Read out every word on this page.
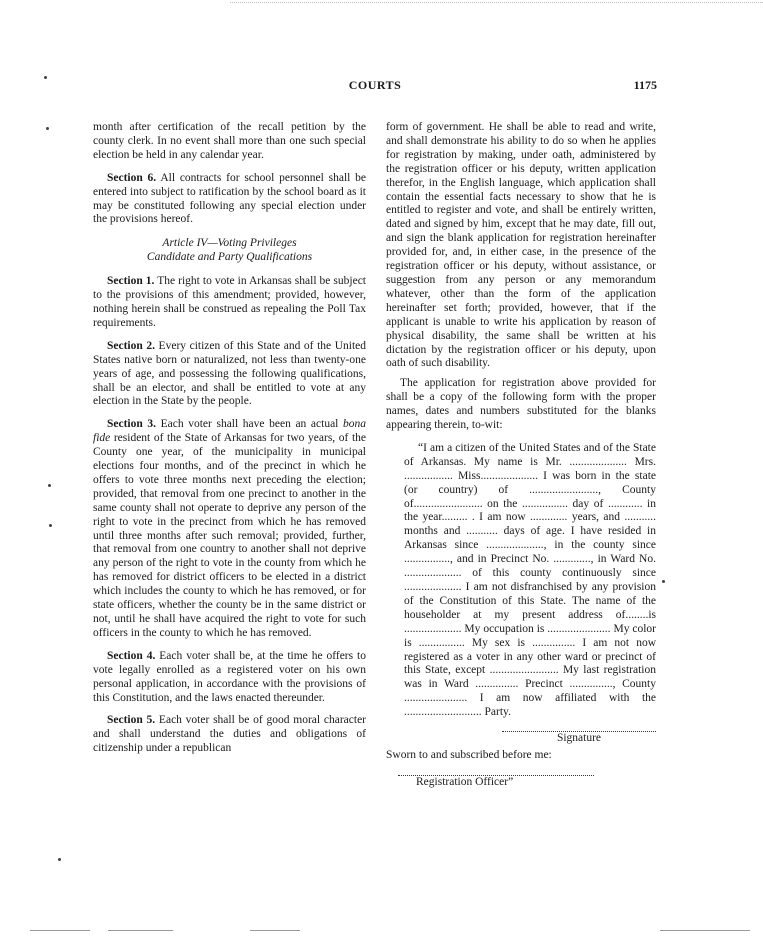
COURTS	1175

month after certification of the recall petition by the county clerk. In no event shall more than one such special election be held in any calendar year.

Section 6. All contracts for school personnel shall be entered into subject to ratification by the school board as it may be constituted following any special election under the provisions hereof.

Article IV—Voting Privileges
Candidate and Party Qualifications

Section 1. The right to vote in Arkansas shall be subject to the provisions of this amendment; provided, however, nothing herein shall be construed as repealing the Poll Tax requirements.

Section 2. Every citizen of this State and of the United States native born or naturalized, not less than twenty-one years of age, and possessing the following qualifications, shall be an elector, and shall be entitled to vote at any election in the State by the people.

Section 3. Each voter shall have been an actual bona fide resident of the State of Arkansas for two years, of the County one year, of the municipality in municipal elections four months, and of the precinct in which he offers to vote three months next preceding the election; provided, that removal from one precinct to another in the same county shall not operate to deprive any person of the right to vote in the precinct from which he has removed until three months after such removal; provided, further, that removal from one country to another shall not deprive any person of the right to vote in the county from which he has removed for district officers to be elected in a district which includes the county to which he has removed, or for state officers, whether the county be in the same district or not, until he shall have acquired the right to vote for such officers in the county to which he has removed.

Section 4. Each voter shall be, at the time he offers to vote legally enrolled as a registered voter on his own personal application, in accordance with the provisions of this Constitution, and the laws enacted thereunder.

Section 5. Each voter shall be of good moral character and shall understand the duties and obligations of citizenship under a republican

form of government. He shall be able to read and write, and shall demonstrate his ability to do so when he applies for registration by making, under oath, administered by the registration officer or his deputy, written application therefor, in the English language, which application shall contain the essential facts necessary to show that he is entitled to register and vote, and shall be entirely written, dated and signed by him, except that he may date, fill out, and sign the blank application for registration hereinafter provided for, and, in either case, in the presence of the registration officer or his deputy, without assistance, or suggestion from any person or any memorandum whatever, other than the form of the application hereinafter set forth; provided, however, that if the applicant is unable to write his application by reason of physical disability, the same shall be written at his dictation by the registration officer or his deputy, upon oath of such disability.

The application for registration above provided for shall be a copy of the following form with the proper names, dates and numbers substituted for the blanks appearing therein, to-wit:

“I am a citizen of the United States and of the State of Arkansas. My name is Mr. .................... Mrs. ................. Miss.................... I was born in the state (or country) of ........................, County of........................ on the ................ day of ............ in the year......... . I am now ............. years, and ........... months and ........... days of age. I have resided in Arkansas since ...................., in the county since ................, and in Precinct No. ............., in Ward No. .................... of this county continuously since .................... I am not disfranchised by any provision of the Constitution of this State. The name of the householder at my present address of........is .................... My occupation is ...................... My color is ................ My sex is ............... I am not now registered as a voter in any other ward or precinct of this State, except ........................ My last registration was in Ward ............... Precinct ..............., County ...................... I am now affiliated with the ........................... Party.

Signature

Sworn to and subscribed before me:

Registration Officer”
